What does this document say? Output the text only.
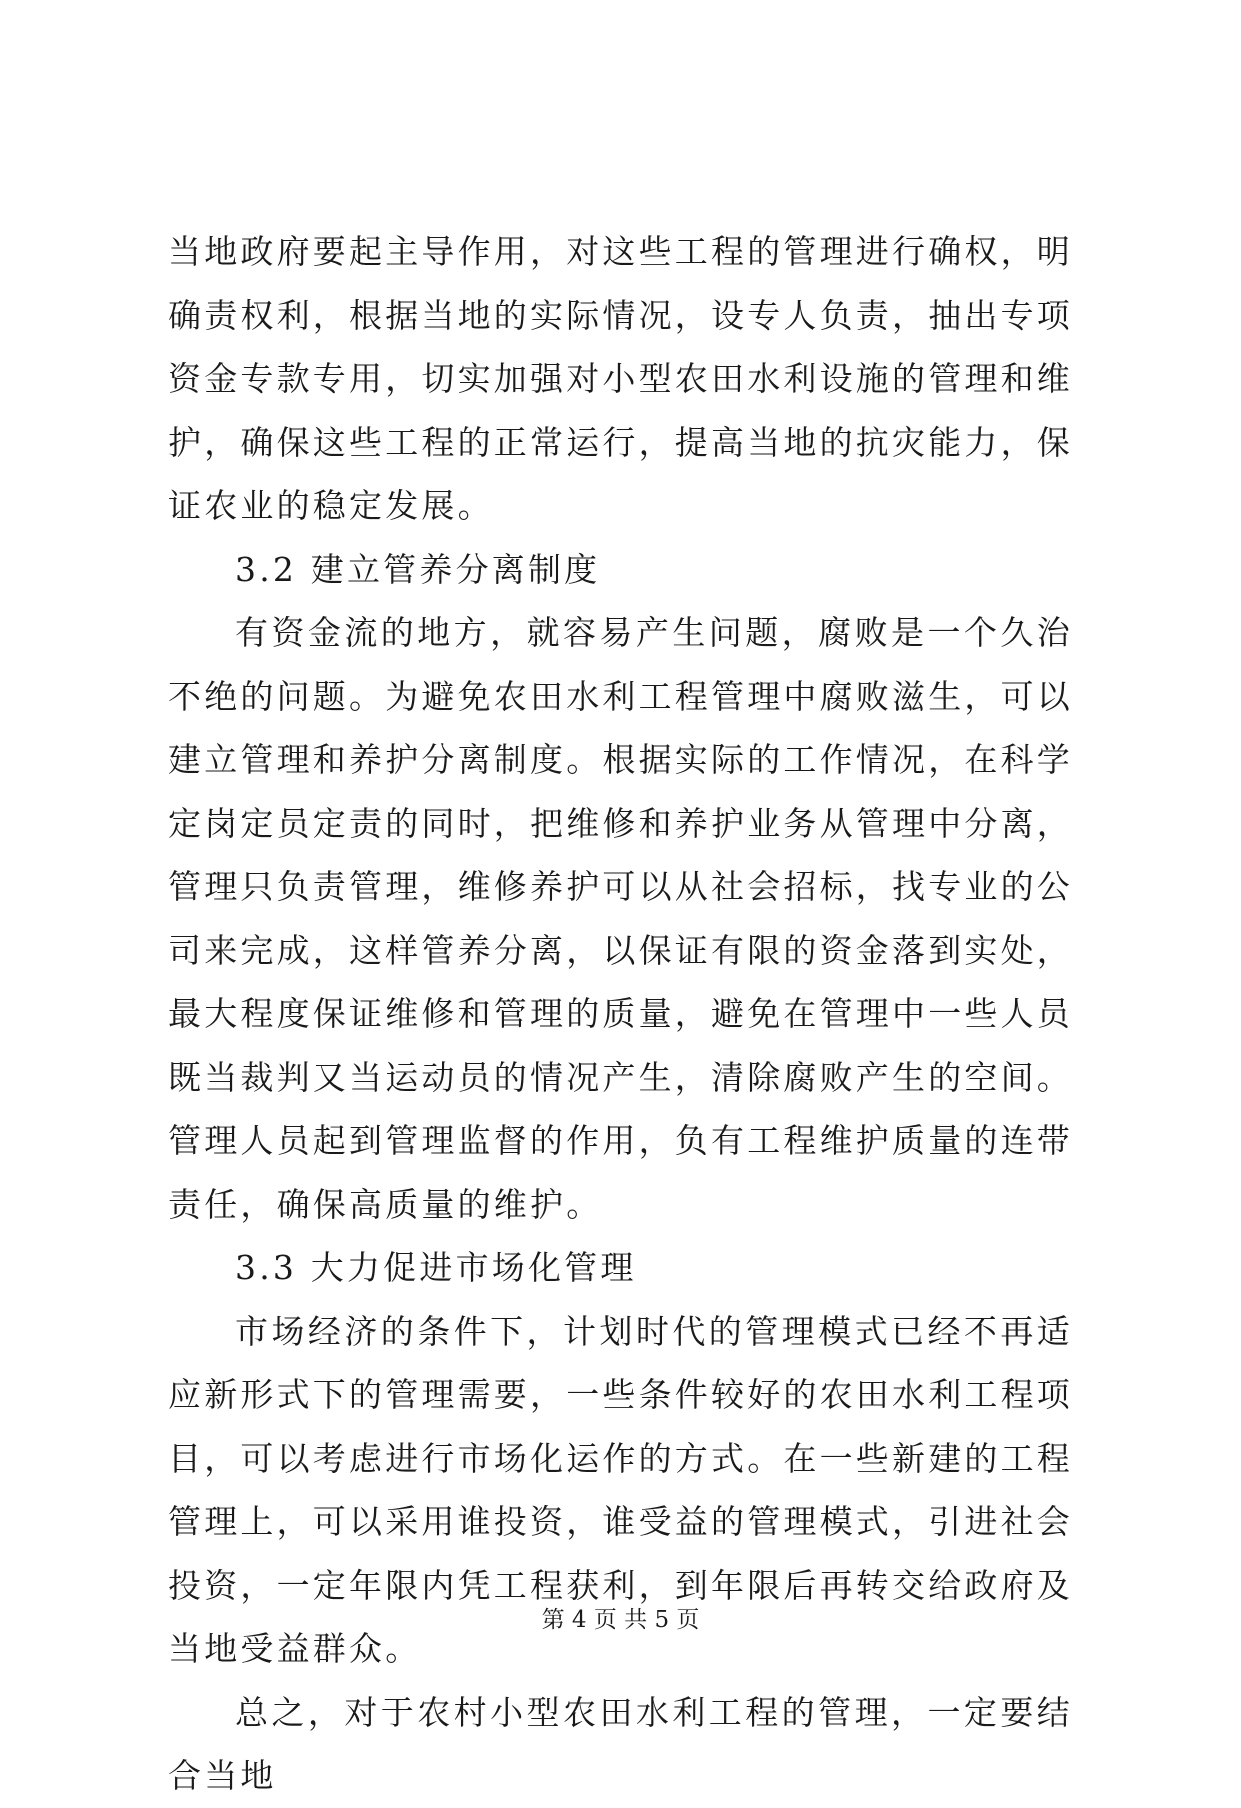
当地政府要起主导作用，对这些工程的管理进行确权，明确责权利，根据当地的实际情况，设专人负责，抽出专项资金专款专用，切实加强对小型农田水利设施的管理和维护，确保这些工程的正常运行，提高当地的抗灾能力，保证农业的稳定发展。

3.2 建立管养分离制度

有资金流的地方，就容易产生问题，腐败是一个久治不绝的问题。为避免农田水利工程管理中腐败滋生，可以建立管理和养护分离制度。根据实际的工作情况，在科学定岗定员定责的同时，把维修和养护业务从管理中分离，管理只负责管理，维修养护可以从社会招标，找专业的公司来完成，这样管养分离，以保证有限的资金落到实处，最大程度保证维修和管理的质量，避免在管理中一些人员既当裁判又当运动员的情况产生，清除腐败产生的空间。管理人员起到管理监督的作用，负有工程维护质量的连带责任，确保高质量的维护。

3.3 大力促进市场化管理

市场经济的条件下，计划时代的管理模式已经不再适应新形式下的管理需要，一些条件较好的农田水利工程项目，可以考虑进行市场化运作的方式。在一些新建的工程管理上，可以采用谁投资，谁受益的管理模式，引进社会投资，一定年限内凭工程获利，到年限后再转交给政府及当地受益群众。

总之，对于农村小型农田水利工程的管理，一定要结合当地

第 4 页 共 5 页
